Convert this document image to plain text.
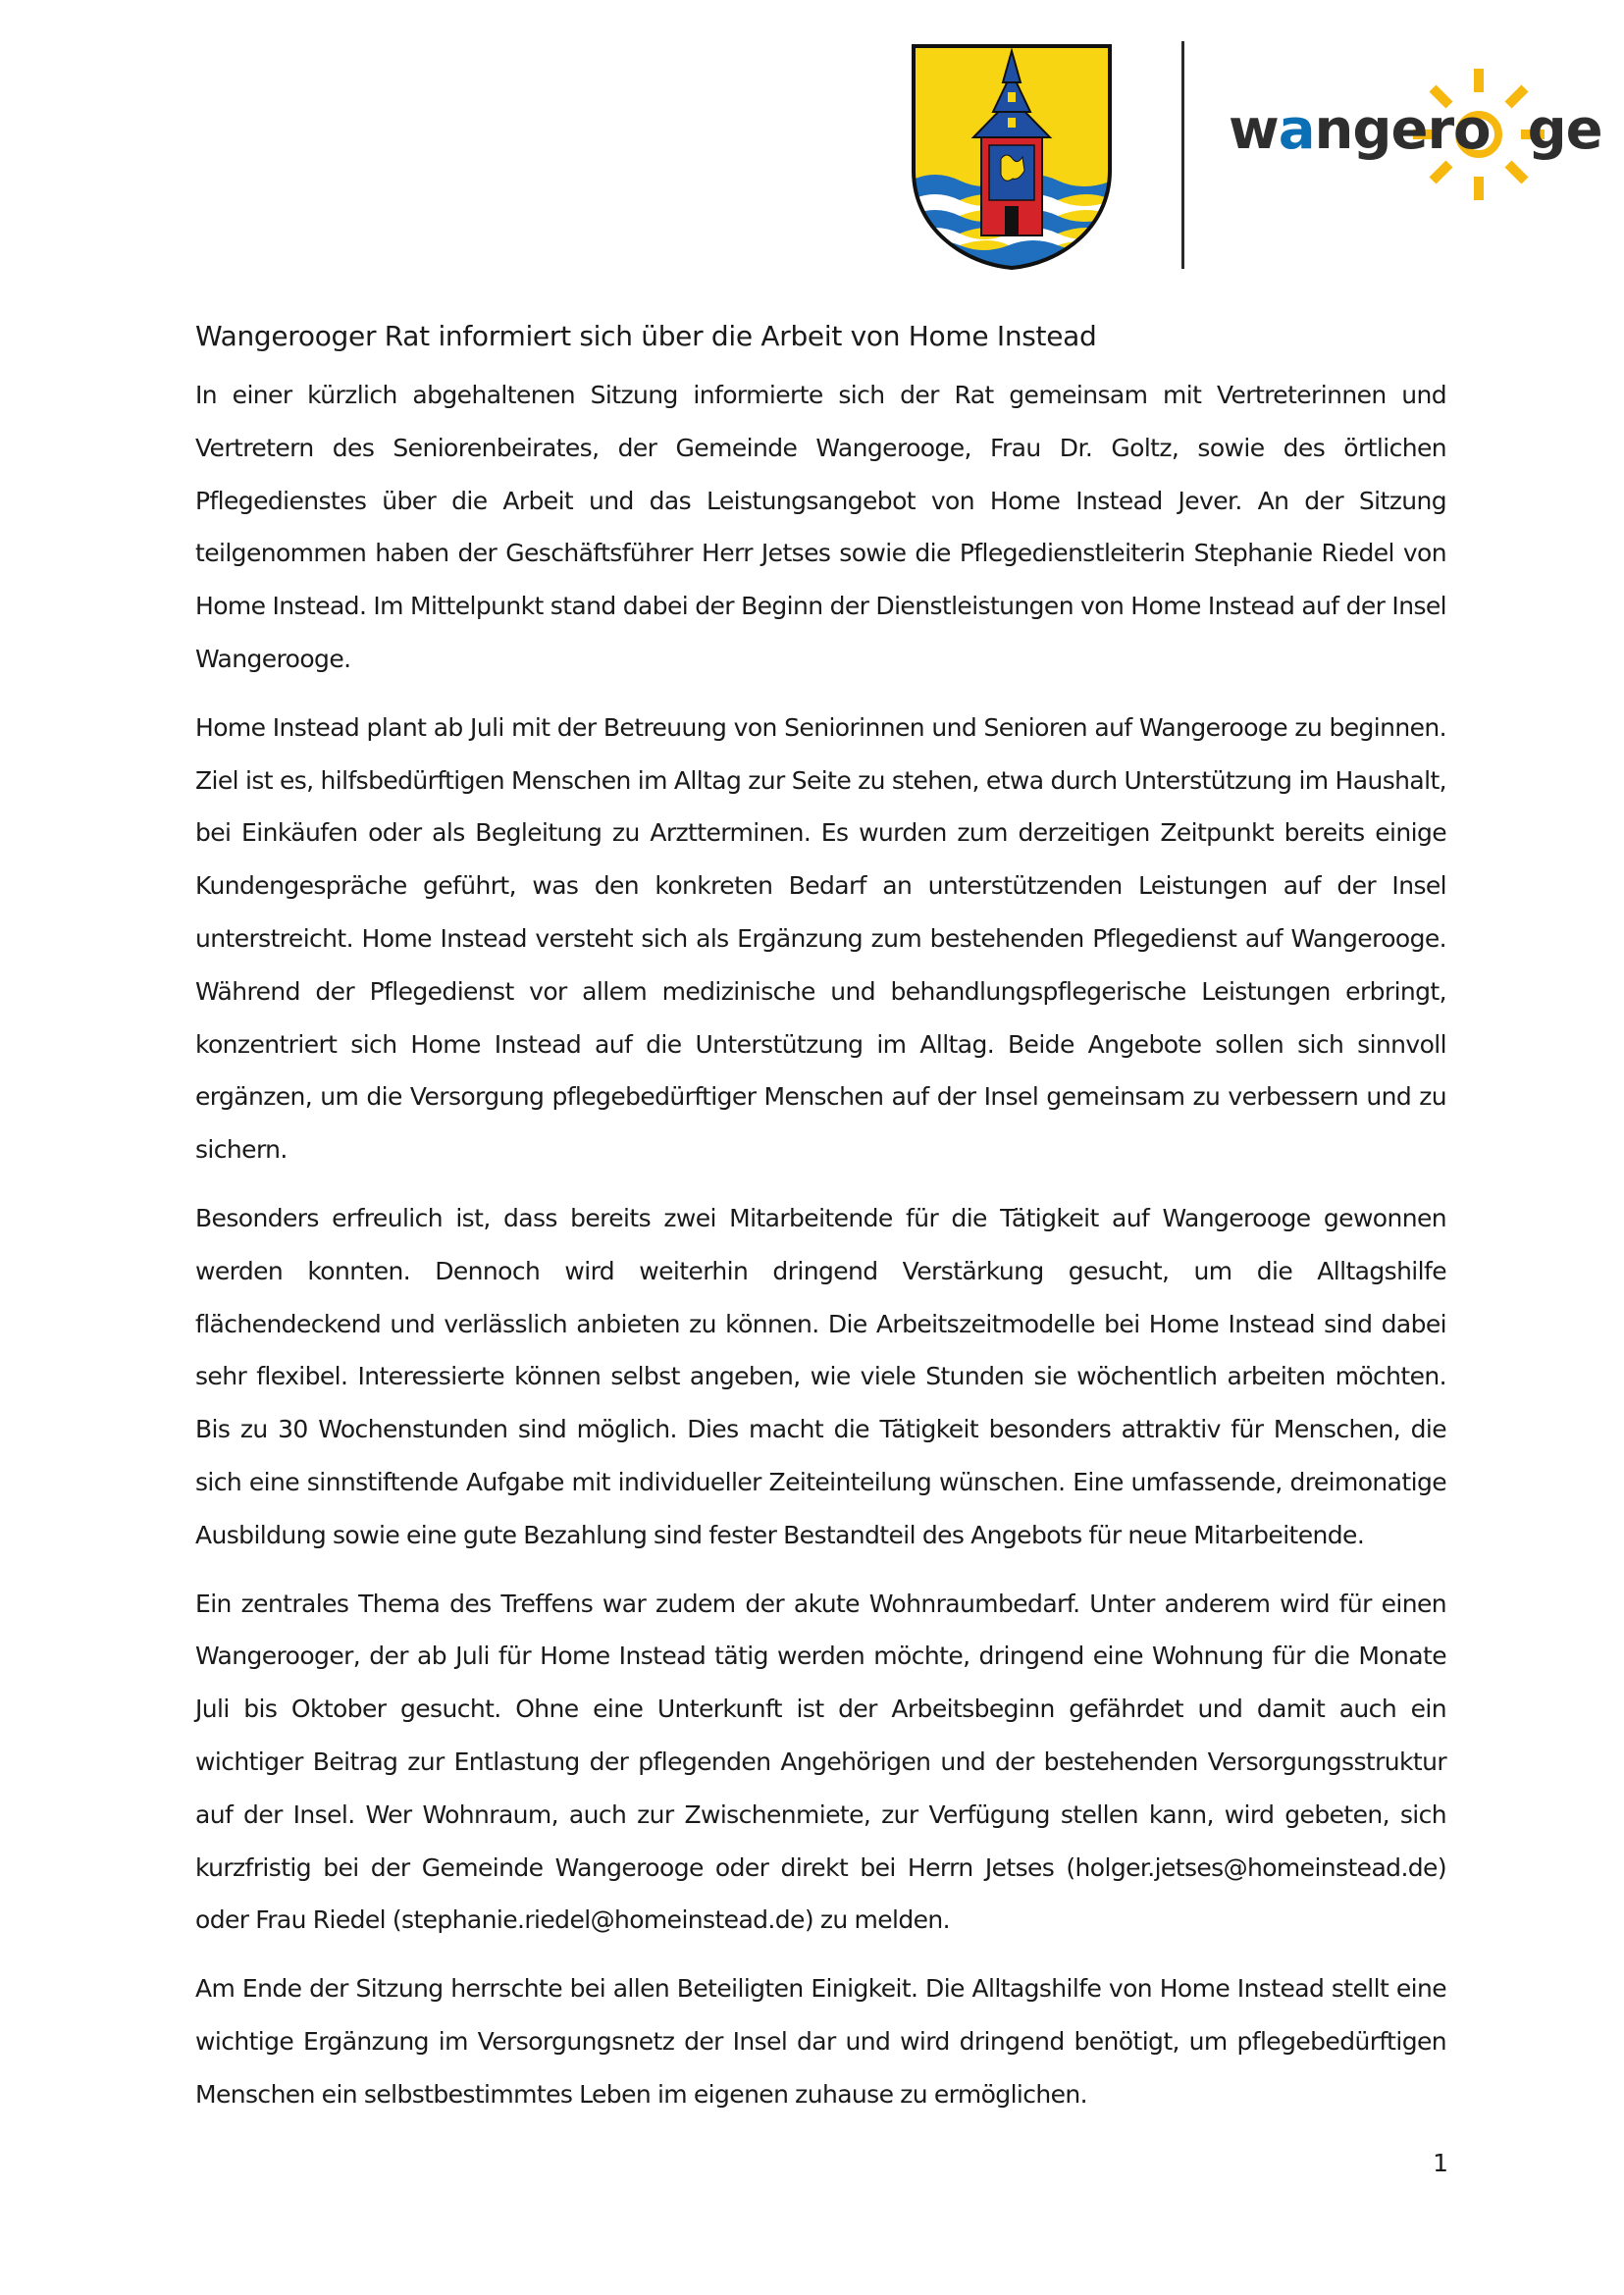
wangero ge
Wangerooger Rat informiert sich über die Arbeit von Home Instead

In einer kürzlich abgehaltenen Sitzung informierte sich der Rat gemeinsam mit Vertreterinnen und Vertretern des Seniorenbeirates, der Gemeinde Wangerooge, Frau Dr. Goltz, sowie des örtlichen Pflegedienstes über die Arbeit und das Leistungsangebot von Home Instead Jever. An der Sitzung teilgenommen haben der Geschäftsführer Herr Jetses sowie die Pflegedienstleiterin Stephanie Riedel von Home Instead. Im Mittelpunkt stand dabei der Beginn der Dienstleistungen von Home Instead auf der Insel Wangerooge.

Home Instead plant ab Juli mit der Betreuung von Seniorinnen und Senioren auf Wangerooge zu beginnen. Ziel ist es, hilfsbedürftigen Menschen im Alltag zur Seite zu stehen, etwa durch Unterstützung im Haushalt, bei Einkäufen oder als Begleitung zu Arztterminen. Es wurden zum derzeitigen Zeitpunkt bereits einige Kundengespräche geführt, was den konkreten Bedarf an unterstützenden Leistungen auf der Insel unterstreicht. Home Instead versteht sich als Ergänzung zum bestehenden Pflegedienst auf Wangerooge. Während der Pflegedienst vor allem medizinische und behandlungspflegerische Leistungen erbringt, konzentriert sich Home Instead auf die Unterstützung im Alltag. Beide Angebote sollen sich sinnvoll ergänzen, um die Versorgung pflegebedürftiger Menschen auf der Insel gemeinsam zu verbessern und zu sichern.

Besonders erfreulich ist, dass bereits zwei Mitarbeitende für die Tätigkeit auf Wangerooge gewonnen werden konnten. Dennoch wird weiterhin dringend Verstärkung gesucht, um die Alltagshilfe flächendeckend und verlässlich anbieten zu können. Die Arbeitszeitmodelle bei Home Instead sind dabei sehr flexibel. Interessierte können selbst angeben, wie viele Stunden sie wöchentlich arbeiten möchten. Bis zu 30 Wochenstunden sind möglich. Dies macht die Tätigkeit besonders attraktiv für Menschen, die sich eine sinnstiftende Aufgabe mit individueller Zeiteinteilung wünschen. Eine umfassende, dreimonatige Ausbildung sowie eine gute Bezahlung sind fester Bestandteil des Angebots für neue Mitarbeitende.

Ein zentrales Thema des Treffens war zudem der akute Wohnraumbedarf. Unter anderem wird für einen Wangerooger, der ab Juli für Home Instead tätig werden möchte, dringend eine Wohnung für die Monate Juli bis Oktober gesucht. Ohne eine Unterkunft ist der Arbeitsbeginn gefährdet und damit auch ein wichtiger Beitrag zur Entlastung der pflegenden Angehörigen und der bestehenden Versorgungsstruktur auf der Insel. Wer Wohnraum, auch zur Zwischenmiete, zur Verfügung stellen kann, wird gebeten, sich kurzfristig bei der Gemeinde Wangerooge oder direkt bei Herrn Jetses (holger.jetses@homeinstead.de) oder Frau Riedel (stephanie.riedel@homeinstead.de) zu melden.

Am Ende der Sitzung herrschte bei allen Beteiligten Einigkeit. Die Alltagshilfe von Home Instead stellt eine wichtige Ergänzung im Versorgungsnetz der Insel dar und wird dringend benötigt, um pflegebedürftigen Menschen ein selbstbestimmtes Leben im eigenen zuhause zu ermöglichen.

1
